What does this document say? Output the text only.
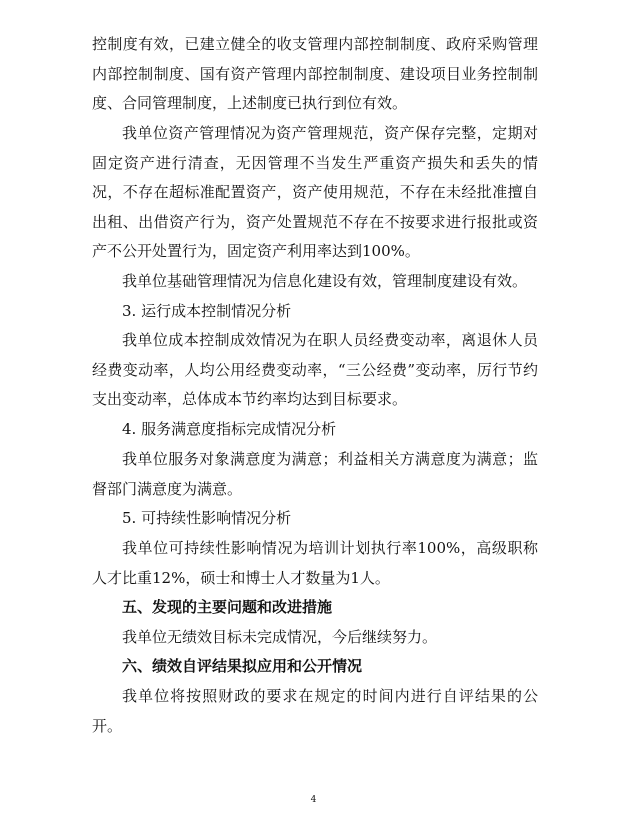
控制度有效，已建立健全的收支管理内部控制制度、政府采购管理内部控制制度、国有资产管理内部控制制度、建设项目业务控制制度、合同管理制度，上述制度已执行到位有效。

我单位资产管理情况为资产管理规范，资产保存完整，定期对固定资产进行清查，无因管理不当发生严重资产损失和丢失的情况，不存在超标准配置资产，资产使用规范，不存在未经批准擅自出租、出借资产行为，资产处置规范不存在不按要求进行报批或资产不公开处置行为，固定资产利用率达到100%。

我单位基础管理情况为信息化建设有效，管理制度建设有效。

3. 运行成本控制情况分析

我单位成本控制成效情况为在职人员经费变动率，离退休人员经费变动率，人均公用经费变动率，“三公经费”变动率，厉行节约支出变动率，总体成本节约率均达到目标要求。

4. 服务满意度指标完成情况分析

我单位服务对象满意度为满意；利益相关方满意度为满意；监督部门满意度为满意。

5. 可持续性影响情况分析

我单位可持续性影响情况为培训计划执行率100%，高级职称人才比重12%，硕士和博士人才数量为1人。

五、发现的主要问题和改进措施

我单位无绩效目标未完成情况，今后继续努力。

六、绩效自评结果拟应用和公开情况

我单位将按照财政的要求在规定的时间内进行自评结果的公开。

4
